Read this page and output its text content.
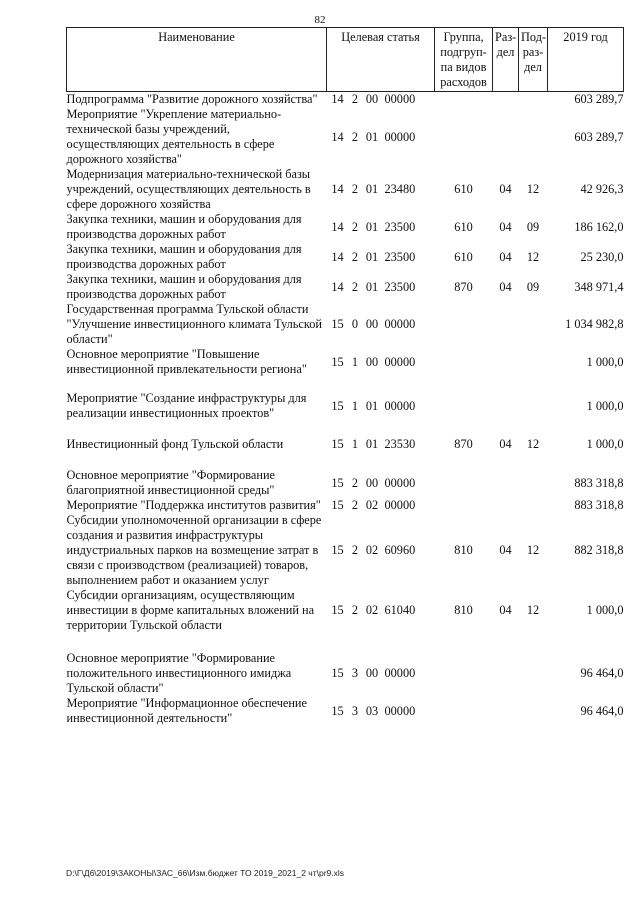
82
Наименование	Целевая статья				Группа, подгруп-па видов расходов	Раз-дел	Под-раз-дел	2019 год
Подпрограмма "Развитие дорожного хозяйства"	14	2	00	00000				603 289,7
Мероприятие "Укрепление материально-технической базы учреждений, осуществляющих деятельность в сфере дорожного хозяйства"	14	2	01	00000				603 289,7
Модернизация материально-технической базы учреждений, осуществляющих деятельность в сфере дорожного хозяйства	14	2	01	23480	610	04	12	42 926,3
Закупка техники, машин и оборудования для производства дорожных работ	14	2	01	23500	610	04	09	186 162,0
Закупка техники, машин и оборудования для производства дорожных работ	14	2	01	23500	610	04	12	25 230,0
Закупка техники, машин и оборудования для производства дорожных работ	14	2	01	23500	870	04	09	348 971,4
Государственная программа Тульской области "Улучшение инвестиционного климата Тульской области"	15	0	00	00000				1 034 982,8
Основное мероприятие "Повышение инвестиционной привлекательности региона"	15	1	00	00000				1 000,0

Мероприятие "Создание инфраструктуры для реализации инвестиционных проектов"	15	1	01	00000				1 000,0

Инвестиционный фонд Тульской области	15	1	01	23530	870	04	12	1 000,0

Основное мероприятие "Формирование благоприятной инвестиционной среды"	15	2	00	00000				883 318,8
Мероприятие "Поддержка институтов развития"	15	2	02	00000				883 318,8
Субсидии уполномоченной организации в сфере создания и развития инфраструктуры индустриальных парков на возмещение затрат в связи с производством (реализацией) товаров, выполнением работ и оказанием услуг	15	2	02	60960	810	04	12	882 318,8
Субсидии организациям, осуществляющим инвестиции в форме капитальных вложений на территории Тульской области	15	2	02	61040	810	04	12	1 000,0

Основное мероприятие "Формирование положительного инвестиционного имиджа Тульской области"	15	3	00	00000				96 464,0
Мероприятие "Информационное обеспечение инвестиционной деятельности"	15	3	03	00000				96 464,0
D:\Г\Д6\2019\ЗАКОНЫ\ЗАС_66\Изм.бюджет ТО 2019_2021_2 чт\pr9.xls
